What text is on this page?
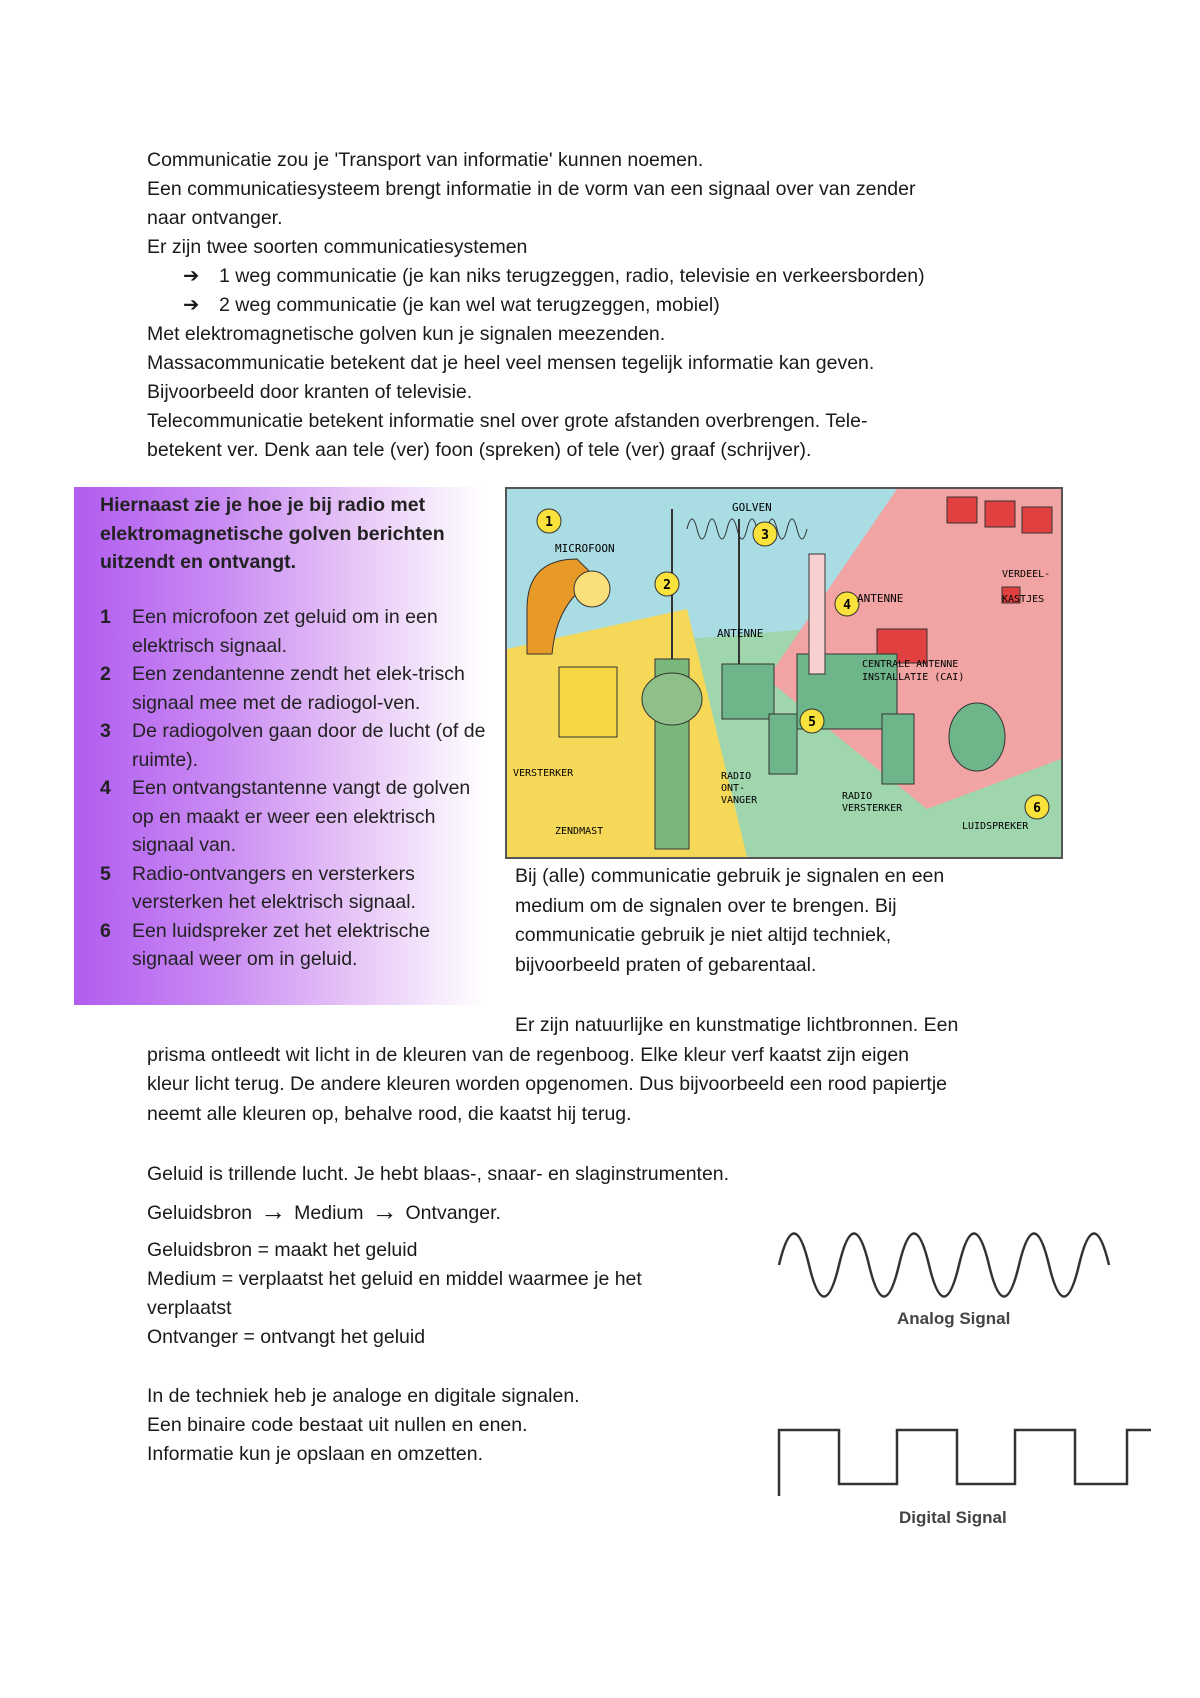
Communicatie zou je 'Transport van informatie' kunnen noemen.
Een communicatiesysteem brengt informatie in de vorm van een signaal over van zender
naar ontvanger.
Er zijn twee soorten communicatiesystemen
➔ 1 weg communicatie (je kan niks terugzeggen, radio, televisie en verkeersborden)
➔ 2 weg communicatie (je kan wel wat terugzeggen, mobiel)
Met elektromagnetische golven kun je signalen meezenden.
Massacommunicatie betekent dat je heel veel mensen tegelijk informatie kan geven.
Bijvoorbeeld door kranten of televisie.
Telecommunicatie betekent informatie snel over grote afstanden overbrengen. Tele-
betekent ver. Denk aan tele (ver) foon (spreken) of tele (ver) graaf (schrijver).
Hiernaast zie je hoe je bij radio met elektromagnetische golven berichten uitzendt en ontvangt.
1 Een microfoon zet geluid om in een elektrisch signaal.
2 Een zendantenne zendt het elek-trisch signaal mee met de radiogol-ven.
3 De radiogolven gaan door de lucht (of de ruimte).
4 Een ontvangstantenne vangt de golven op en maakt er weer een elektrisch signaal van.
5 Radio-ontvangers en versterkers versterken het elektrisch signaal.
6 Een luidspreker zet het elektrische signaal weer om in geluid.
1
2
3
4
5
6
MICROFOON
GOLVEN
ANTENNE
ANTENNE
VERDEEL-
KASTJES
CENTRALE ANTENNE
INSTALLATIE (CAI)
VERSTERKER
ZENDMAST
RADIO
ONT-
VANGER	RADIO
VERSTERKER
LUIDSPREKER
Bij (alle) communicatie gebruik je signalen en een
medium om de signalen over te brengen. Bij
communicatie gebruik je niet altijd techniek,
bijvoorbeeld praten of gebarentaal.
Er zijn natuurlijke en kunstmatige lichtbronnen. Een
prisma ontleedt wit licht in de kleuren van de regenboog. Elke kleur verf kaatst zijn eigen
kleur licht terug. De andere kleuren worden opgenomen. Dus bijvoorbeeld een rood papiertje
neemt alle kleuren op, behalve rood, die kaatst hij terug.
Geluid is trillende lucht. Je hebt blaas-, snaar- en slaginstrumenten.
Geluidsbron → Medium → Ontvanger.
Geluidsbron = maakt het geluid
Medium = verplaatst het geluid en middel waarmee je het
verplaatst
Ontvanger = ontvangt het geluid
In de techniek heb je analoge en digitale signalen.
Een binaire code bestaat uit nullen en enen.
Informatie kun je opslaan en omzetten.
Analog Signal
Digital Signal
